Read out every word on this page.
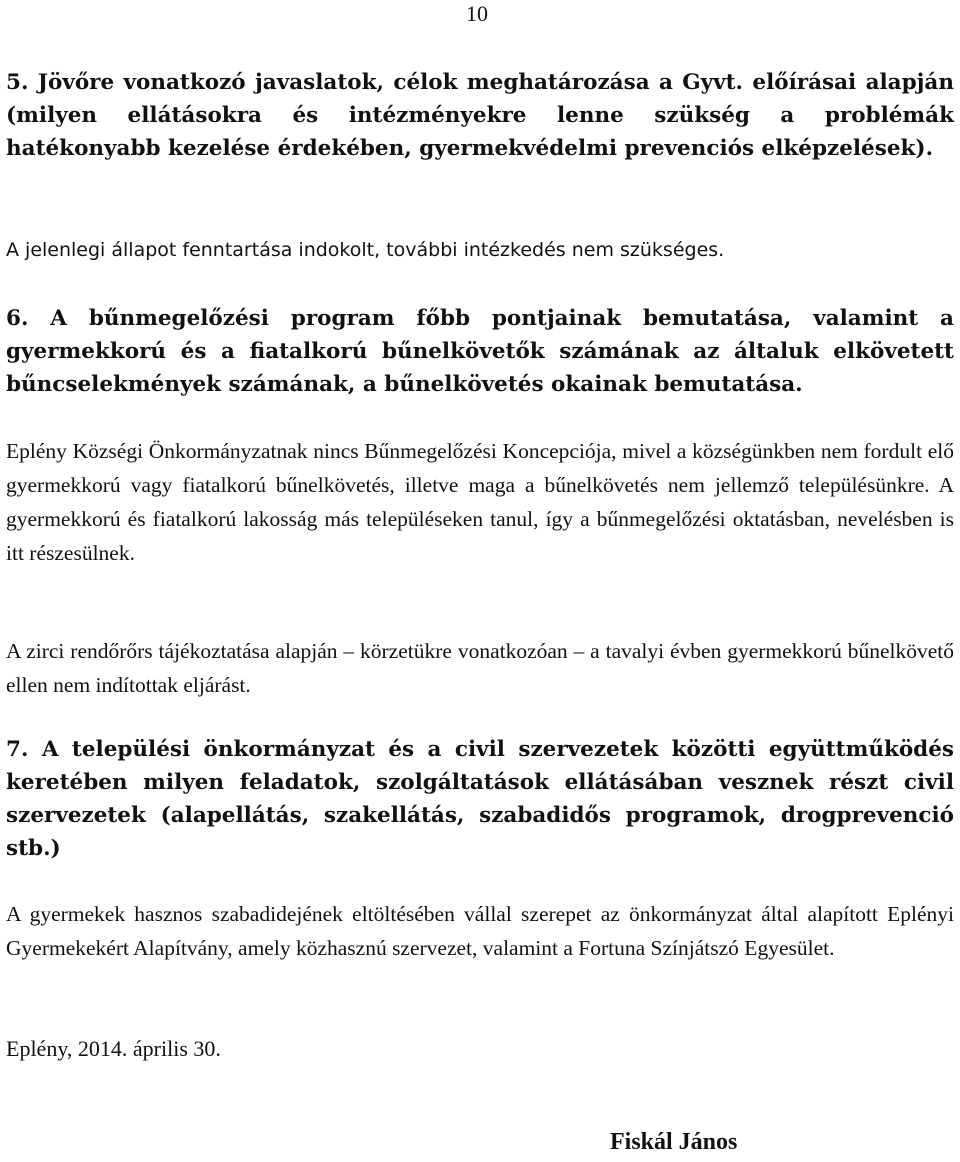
10

5. Jövőre vonatkozó javaslatok, célok meghatározása a Gyvt. előírásai alapján (milyen ellátásokra és intézményekre lenne szükség a problémák hatékonyabb kezelése érdekében, gyermekvédelmi prevenciós elképzelések).

A jelenlegi állapot fenntartása indokolt, további intézkedés nem szükséges.

6. A bűnmegelőzési program főbb pontjainak bemutatása, valamint a gyermekkorú és a fiatalkorú bűnelkövetők számának az általuk elkövetett bűncselekmények számának, a bűnelkövetés okainak bemutatása.

Eplény Községi Önkormányzatnak nincs Bűnmegelőzési Koncepciója, mivel a községünkben nem fordult elő gyermekkorú vagy fiatalkorú bűnelkövetés, illetve maga a bűnelkövetés nem jellemző településünkre. A gyermekkorú és fiatalkorú lakosság más településeken tanul, így a bűnmegelőzési oktatásban, nevelésben is itt részesülnek.

A zirci rendőrőrs tájékoztatása alapján – körzetükre vonatkozóan – a tavalyi évben gyermekkorú bűnelkövető ellen nem indítottak eljárást.

7. A települési önkormányzat és a civil szervezetek közötti együttműködés keretében milyen feladatok, szolgáltatások ellátásában vesznek részt civil szervezetek (alapellátás, szakellátás, szabadidős programok, drogprevenció stb.)

A gyermekek hasznos szabadidejének eltöltésében vállal szerepet az önkormányzat által alapított Eplényi Gyermekekért Alapítvány, amely közhasznú szervezet, valamint a Fortuna Színjátszó Egyesület.

Eplény, 2014. április 30.

Fiskál János
